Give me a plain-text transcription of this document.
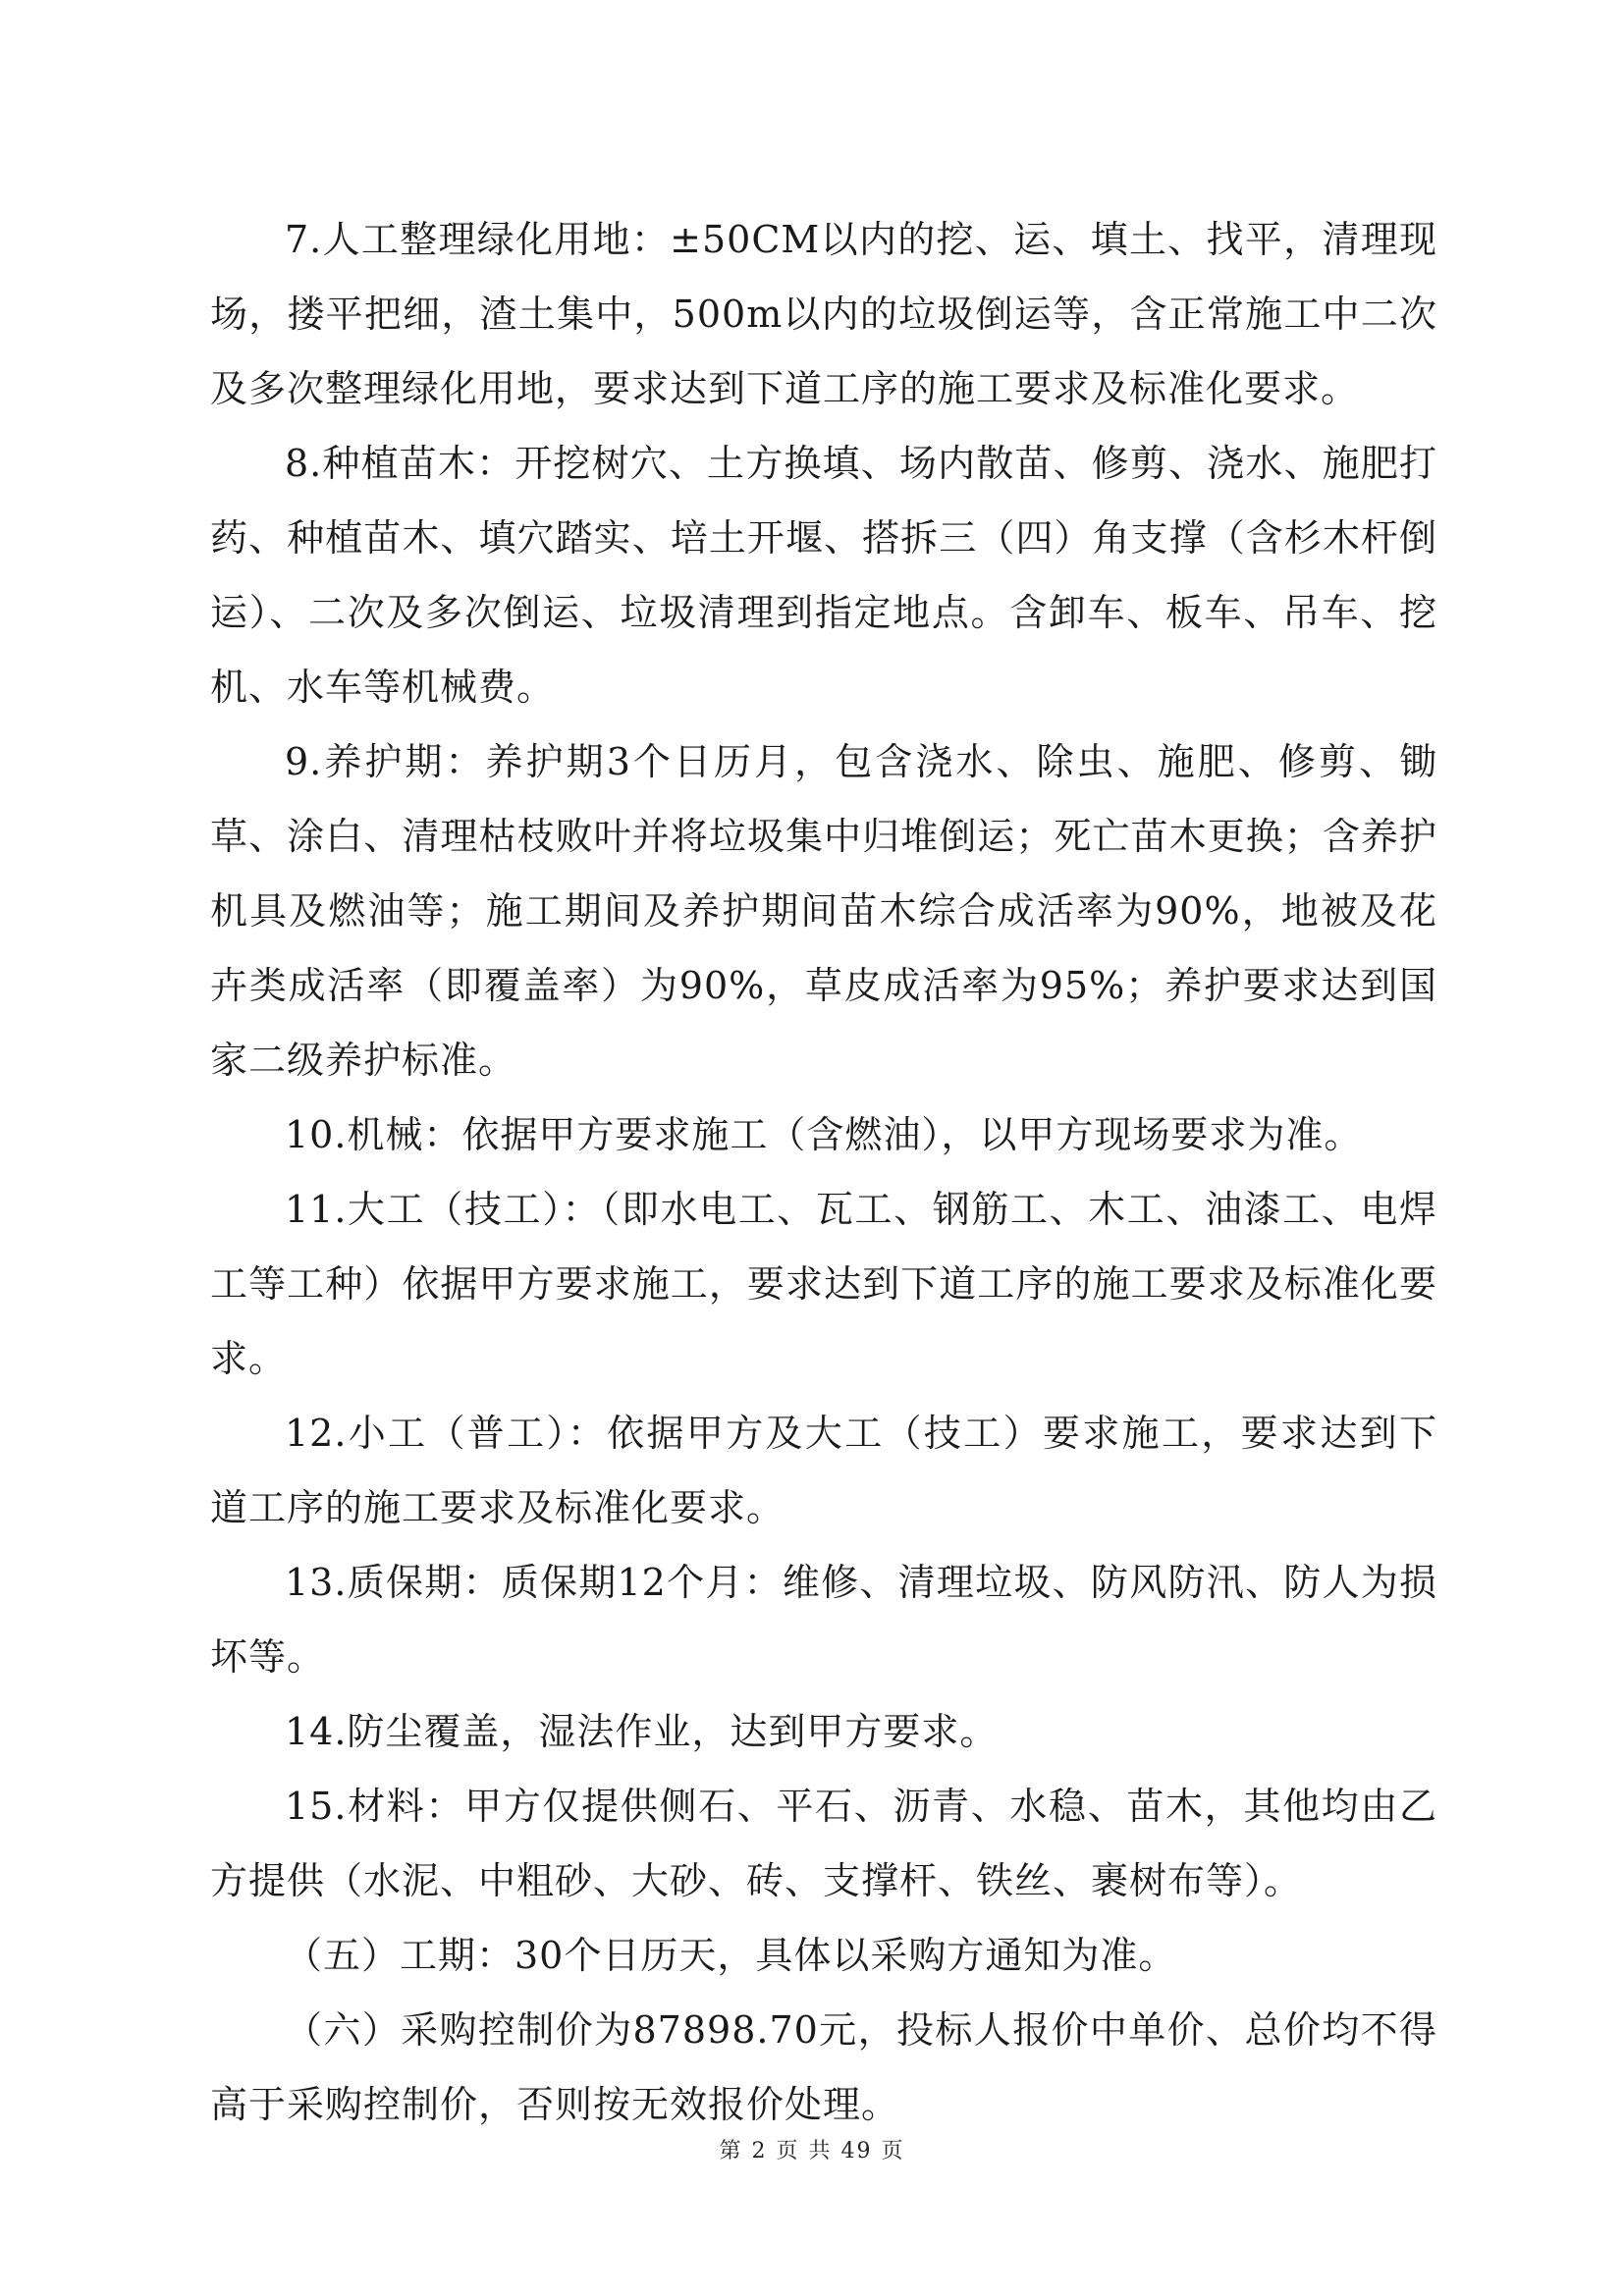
7.人工整理绿化用地：±50CM以内的挖、运、填土、找平，清理现场，搂平把细，渣土集中，500m以内的垃圾倒运等，含正常施工中二次及多次整理绿化用地，要求达到下道工序的施工要求及标准化要求。

8.种植苗木：开挖树穴、土方换填、场内散苗、修剪、浇水、施肥打药、种植苗木、填穴踏实、培土开堰、搭拆三（四）角支撑（含杉木杆倒运）、二次及多次倒运、垃圾清理到指定地点。含卸车、板车、吊车、挖机、水车等机械费。

9.养护期：养护期3个日历月，包含浇水、除虫、施肥、修剪、锄草、涂白、清理枯枝败叶并将垃圾集中归堆倒运；死亡苗木更换；含养护机具及燃油等；施工期间及养护期间苗木综合成活率为90%，地被及花卉类成活率（即覆盖率）为90%，草皮成活率为95%；养护要求达到国家二级养护标准。

10.机械：依据甲方要求施工（含燃油），以甲方现场要求为准。

11.大工（技工）：（即水电工、瓦工、钢筋工、木工、油漆工、电焊工等工种）依据甲方要求施工，要求达到下道工序的施工要求及标准化要求。

12.小工（普工）：依据甲方及大工（技工）要求施工，要求达到下道工序的施工要求及标准化要求。

13.质保期：质保期12个月：维修、清理垃圾、防风防汛、防人为损坏等。

14.防尘覆盖，湿法作业，达到甲方要求。

15.材料：甲方仅提供侧石、平石、沥青、水稳、苗木，其他均由乙方提供（水泥、中粗砂、大砂、砖、支撑杆、铁丝、裹树布等）。

（五）工期：30个日历天，具体以采购方通知为准。

（六）采购控制价为87898.70元，投标人报价中单价、总价均不得高于采购控制价，否则按无效报价处理。

第 2 页 共 49 页
